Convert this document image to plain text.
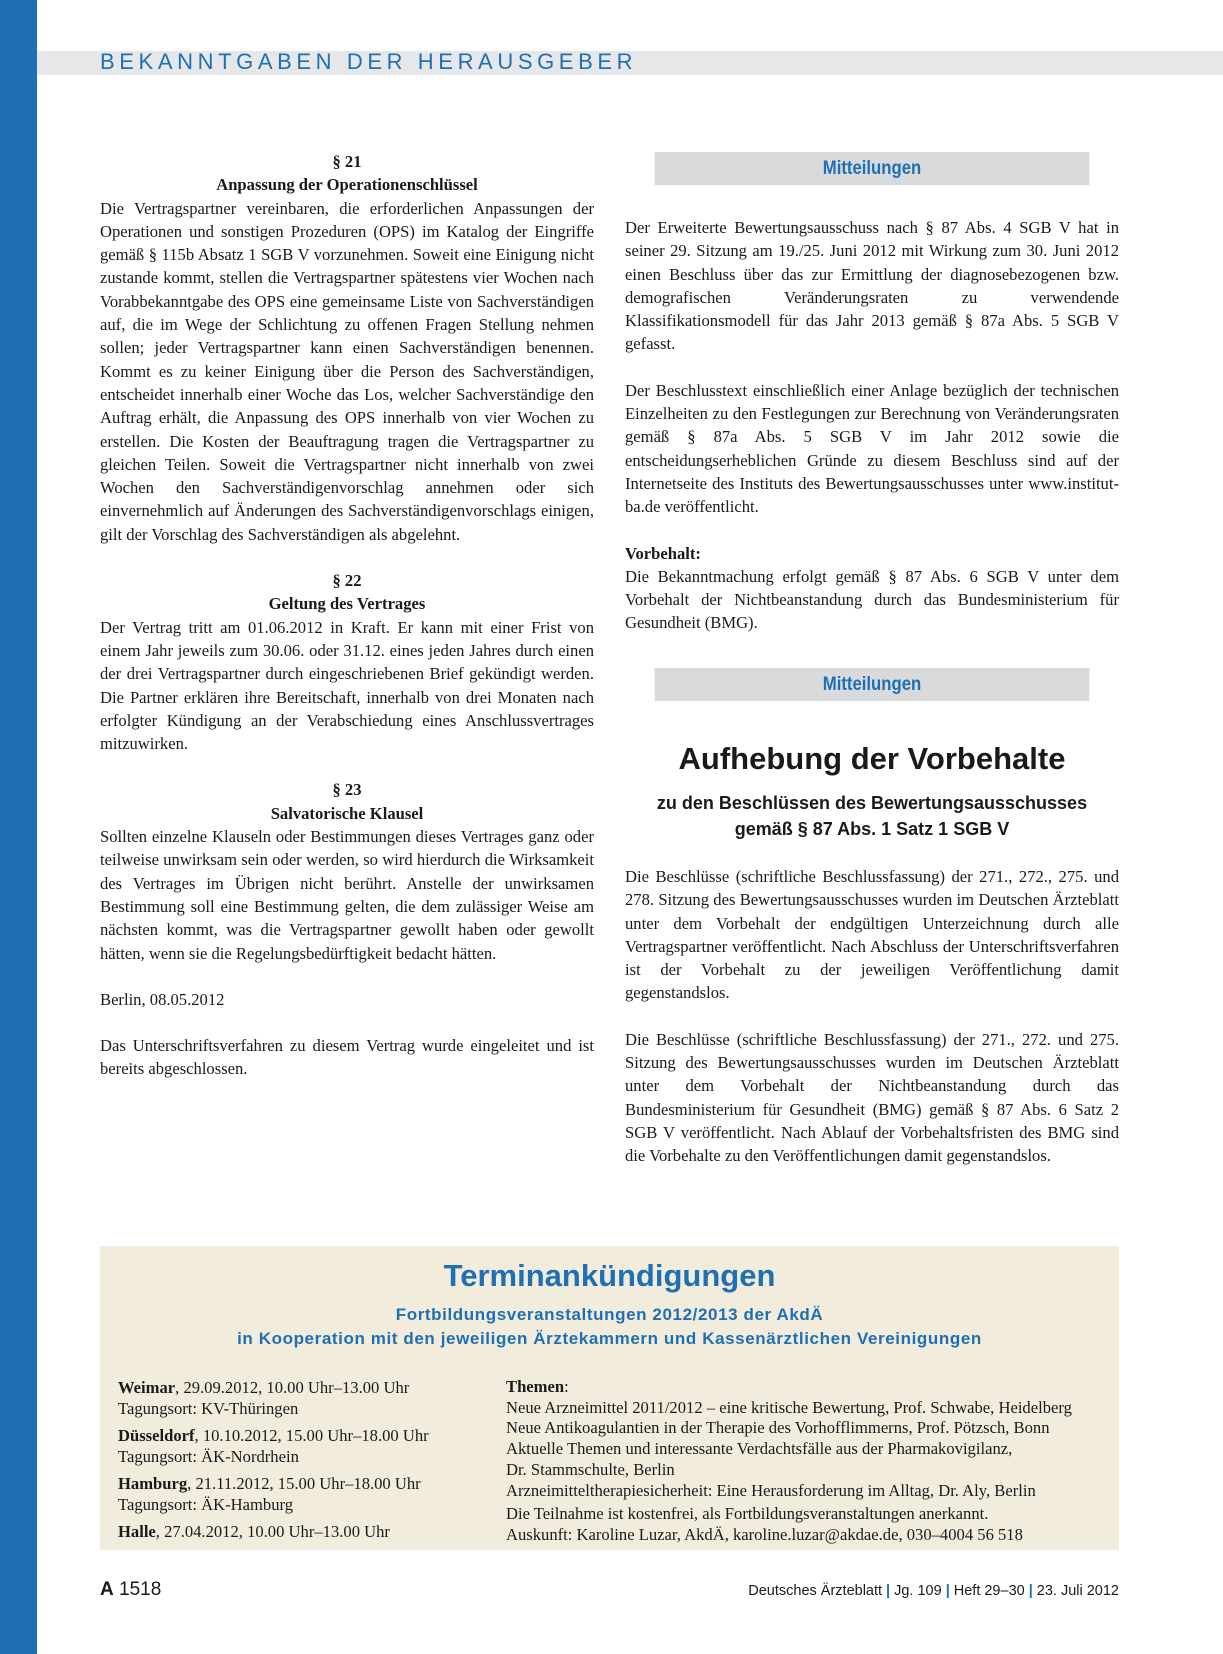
BEKANNTGABEN DER HERAUSGEBER
§ 21
Anpassung der Operationenschlüssel

Die Vertragspartner vereinbaren, die erforderlichen Anpassungen der Operationen und sonstigen Prozeduren (OPS) im Katalog der Eingriffe gemäß § 115b Absatz 1 SGB V vorzunehmen. Soweit eine Einigung nicht zustande kommt, stellen die Vertragspartner spätestens vier Wochen nach Vorabbekanntgabe des OPS eine gemeinsame Liste von Sachverständigen auf, die im Wege der Schlichtung zu offenen Fragen Stellung nehmen sollen; jeder Vertragspartner kann einen Sachverständigen benennen. Kommt es zu keiner Einigung über die Person des Sachverständigen, entscheidet innerhalb einer Woche das Los, welcher Sachverständige den Auftrag erhält, die Anpassung des OPS innerhalb von vier Wochen zu erstellen. Die Kosten der Beauftragung tragen die Vertragspartner zu gleichen Teilen. Soweit die Vertragspartner nicht innerhalb von zwei Wochen den Sachverständigenvorschlag annehmen oder sich einvernehmlich auf Änderungen des Sachverständigenvorschlags einigen, gilt der Vorschlag des Sachverständigen als abgelehnt.

§ 22
Geltung des Vertrages

Der Vertrag tritt am 01.06.2012 in Kraft. Er kann mit einer Frist von einem Jahr jeweils zum 30.06. oder 31.12. eines jeden Jahres durch einen der drei Vertragspartner durch eingeschriebenen Brief gekündigt werden. Die Partner erklären ihre Bereitschaft, innerhalb von drei Monaten nach erfolgter Kündigung an der Verabschiedung eines Anschlussvertrages mitzuwirken.

§ 23
Salvatorische Klausel

Sollten einzelne Klauseln oder Bestimmungen dieses Vertrages ganz oder teilweise unwirksam sein oder werden, so wird hierdurch die Wirksamkeit des Vertrages im Übrigen nicht berührt. Anstelle der unwirksamen Bestimmung soll eine Bestimmung gelten, die dem zulässiger Weise am nächsten kommt, was die Vertragspartner gewollt haben oder gewollt hätten, wenn sie die Regelungsbedürftigkeit bedacht hätten.

Berlin, 08.05.2012

Das Unterschriftsverfahren zu diesem Vertrag wurde eingeleitet und ist bereits abgeschlossen.

Mitteilungen

Der Erweiterte Bewertungsausschuss nach § 87 Abs. 4 SGB V hat in seiner 29. Sitzung am 19./25. Juni 2012 mit Wirkung zum 30. Juni 2012 einen Beschluss über das zur Ermittlung der diagnosebezogenen bzw. demografischen Veränderungsraten zu verwendende Klassifikationsmodell für das Jahr 2013 gemäß § 87a Abs. 5 SGB V gefasst.

Der Beschlusstext einschließlich einer Anlage bezüglich der technischen Einzelheiten zu den Festlegungen zur Berechnung von Veränderungsraten gemäß § 87a Abs. 5 SGB V im Jahr 2012 sowie die entscheidungserheblichen Gründe zu diesem Beschluss sind auf der Internetseite des Instituts des Bewertungsausschusses unter www.institut-ba.de veröffentlicht.

Vorbehalt:

Die Bekanntmachung erfolgt gemäß § 87 Abs. 6 SGB V unter dem Vorbehalt der Nichtbeanstandung durch das Bundesministerium für Gesundheit (BMG).

Mitteilungen
Aufhebung der Vorbehalte
zu den Beschlüssen des Bewertungsausschusses
gemäß § 87 Abs. 1 Satz 1 SGB V

Die Beschlüsse (schriftliche Beschlussfassung) der 271., 272., 275. und 278. Sitzung des Bewertungsausschusses wurden im Deutschen Ärzteblatt unter dem Vorbehalt der endgültigen Unterzeichnung durch alle Vertragspartner veröffentlicht. Nach Abschluss der Unterschriftsverfahren ist der Vorbehalt zu der jeweiligen Veröffentlichung damit gegenstandslos.

Die Beschlüsse (schriftliche Beschlussfassung) der 271., 272. und 275. Sitzung des Bewertungsausschusses wurden im Deutschen Ärzteblatt unter dem Vorbehalt der Nichtbeanstandung durch das Bundesministerium für Gesundheit (BMG) gemäß § 87 Abs. 6 Satz 2 SGB V veröffentlicht. Nach Ablauf der Vorbehaltsfristen des BMG sind die Vorbehalte zu den Veröffentlichungen damit gegenstandslos.

Terminankündigungen
Fortbildungsveranstaltungen 2012/2013 der AkdÄ
in Kooperation mit den jeweiligen Ärztekammern und Kassenärztlichen Vereinigungen
Weimar, 29.09.2012, 10.00 Uhr–13.00 Uhr
Tagungsort: KV-Thüringen
Düsseldorf, 10.10.2012, 15.00 Uhr–18.00 Uhr
Tagungsort: ÄK-Nordrhein
Hamburg, 21.11.2012, 15.00 Uhr–18.00 Uhr
Tagungsort: ÄK-Hamburg
Halle, 27.04.2012, 10.00 Uhr–13.00 Uhr
Themen:

Neue Arzneimittel 2011/2012 – eine kritische Bewertung, Prof. Schwabe, Heidelberg

Neue Antikoagulantien in der Therapie des Vorhofflimmerns, Prof. Pötzsch, Bonn

Aktuelle Themen und interessante Verdachtsfälle aus der Pharmakovigilanz,

Dr. Stammschulte, Berlin

Arzneimitteltherapiesicherheit: Eine Herausforderung im Alltag, Dr. Aly, Berlin

Die Teilnahme ist kostenfrei, als Fortbildungsveranstaltungen anerkannt.

Auskunft: Karoline Luzar, AkdÄ, karoline.luzar@akdae.de, 030–4004 56 518

A 1518	Deutsches Ärzteblatt | Jg. 109 | Heft 29–30 | 23. Juli 2012
